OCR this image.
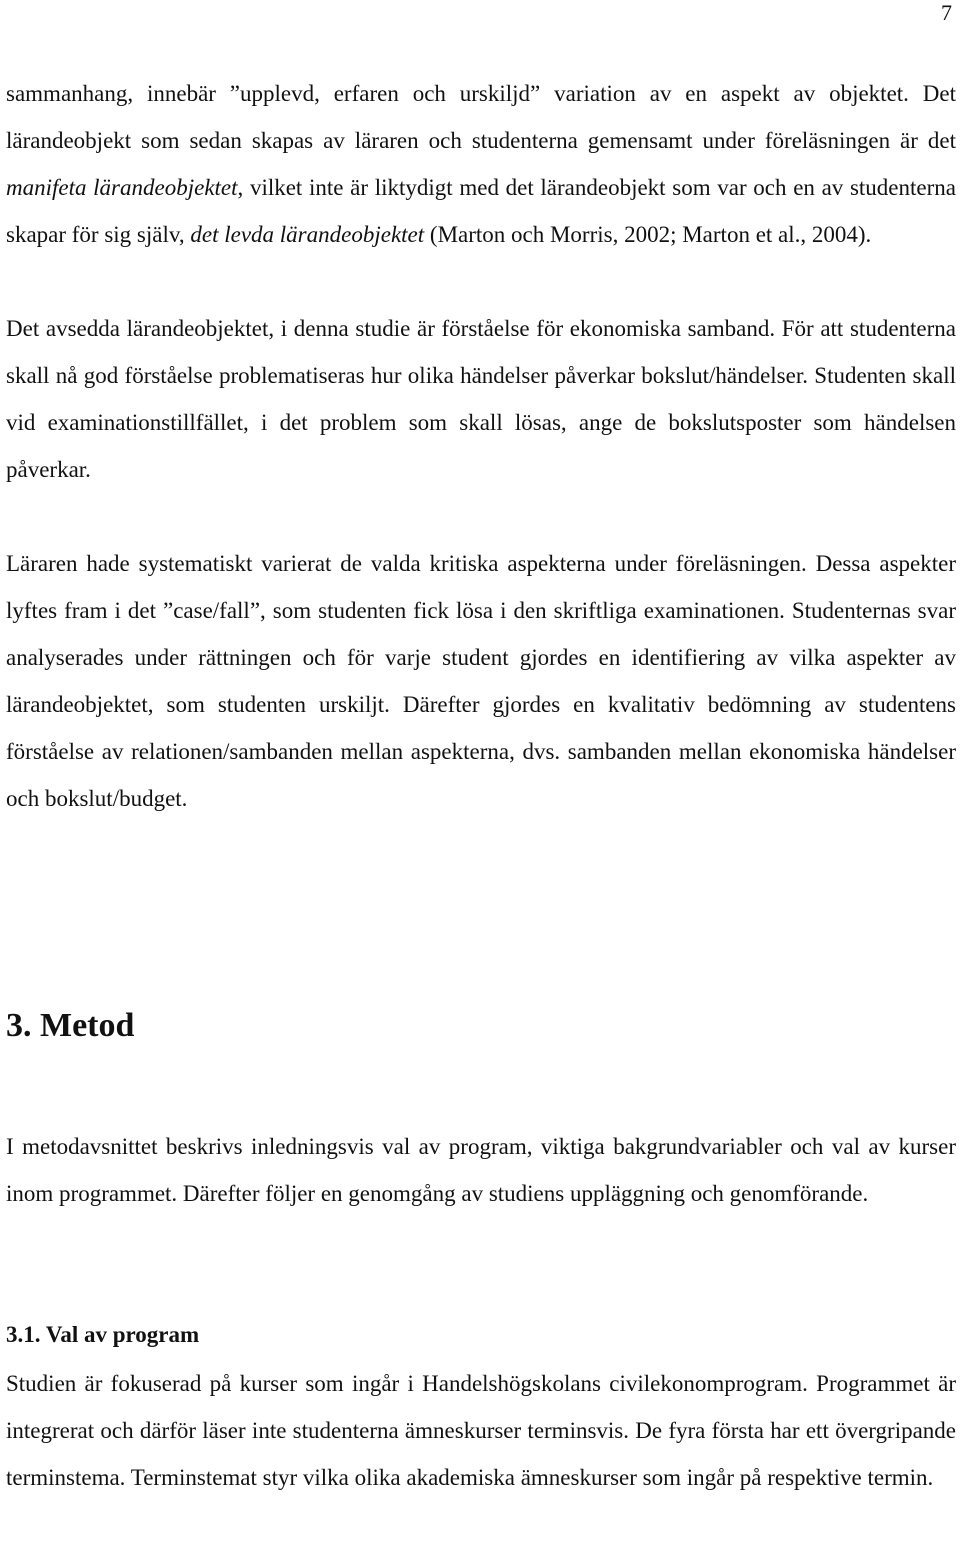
7

sammanhang, innebär ”upplevd, erfaren och urskiljd” variation av en aspekt av objektet. Det lärandeobjekt som sedan skapas av läraren och studenterna gemensamt under föreläsningen är det manifeta lärandeobjektet, vilket inte är liktydigt med det lärandeobjekt som var och en av studenterna skapar för sig själv, det levda lärandeobjektet (Marton och Morris, 2002; Marton et al., 2004).

Det avsedda lärandeobjektet, i denna studie är förståelse för ekonomiska samband. För att studenterna skall nå god förståelse problematiseras hur olika händelser påverkar bokslut/händelser. Studenten skall vid examinationstillfället, i det problem som skall lösas, ange de bokslutsposter som händelsen påverkar.

Läraren hade systematiskt varierat de valda kritiska aspekterna under föreläsningen. Dessa aspekter lyftes fram i det ”case/fall”, som studenten fick lösa i den skriftliga examinationen. Studenternas svar analyserades under rättningen och för varje student gjordes en identifiering av vilka aspekter av lärandeobjektet, som studenten urskiljt. Därefter gjordes en kvalitativ bedömning av studentens förståelse av relationen/sambanden mellan aspekterna, dvs. sambanden mellan ekonomiska händelser och bokslut/budget.

3. Metod

I metodavsnittet beskrivs inledningsvis val av program, viktiga bakgrundvariabler och val av kurser inom programmet. Därefter följer en genomgång av studiens uppläggning och genomförande.

3.1. Val av program

Studien är fokuserad på kurser som ingår i Handelshögskolans civilekonomprogram. Programmet är integrerat och därför läser inte studenterna ämneskurser terminsvis. De fyra första har ett övergripande terminstema. Terminstemat styr vilka olika akademiska ämneskurser som ingår på respektive termin.
